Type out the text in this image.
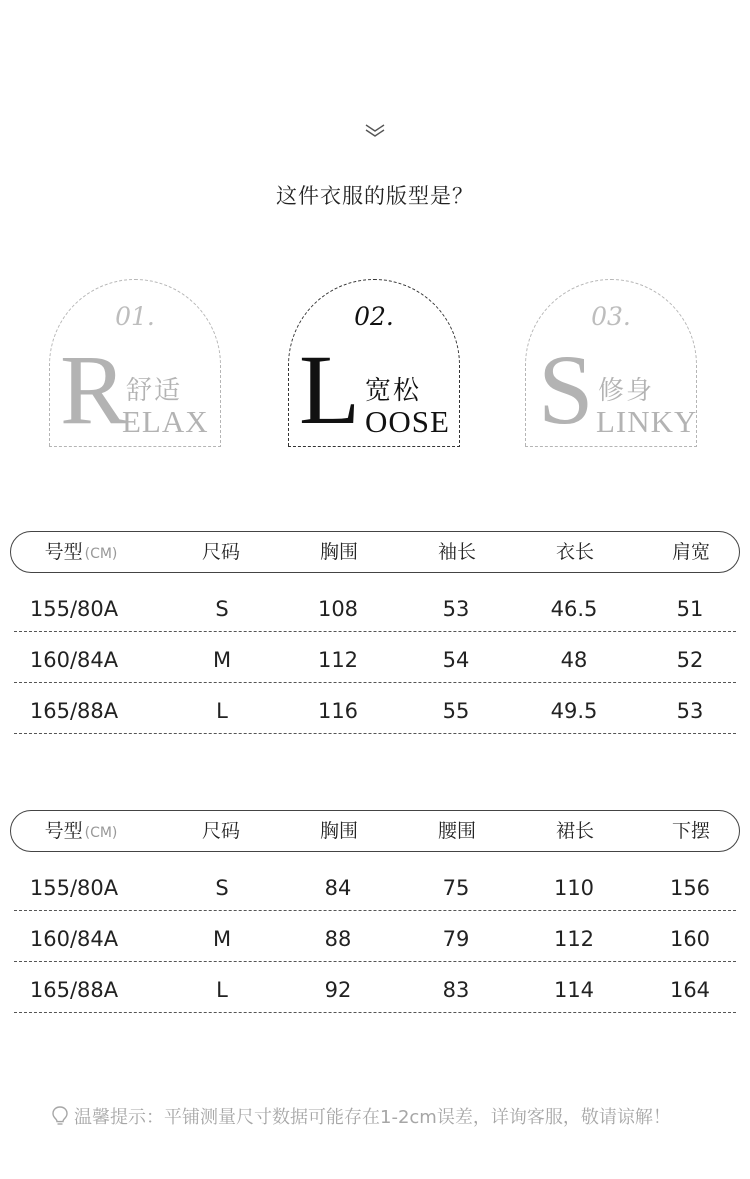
这件衣服的版型是？
01.
R 舒适
ELAX
02.
L 宽松
OOSE
03.
S 修身
LINKY
号型 (CM)	尺码	胸围	袖长	衣长	肩宽
155/80A	S	108	53	46.5	51
160/84A	M	112	54	48	52
165/88A	L	116	55	49.5	53
号型 (CM)	尺码	胸围	腰围	裙长	下摆
155/80A	S	84	75	110	156
160/84A	M	88	79	112	160
165/88A	L	92	83	114	164
温馨提示：平铺测量尺寸数据可能存在1-2cm误差，详询客服，敬请谅解！
